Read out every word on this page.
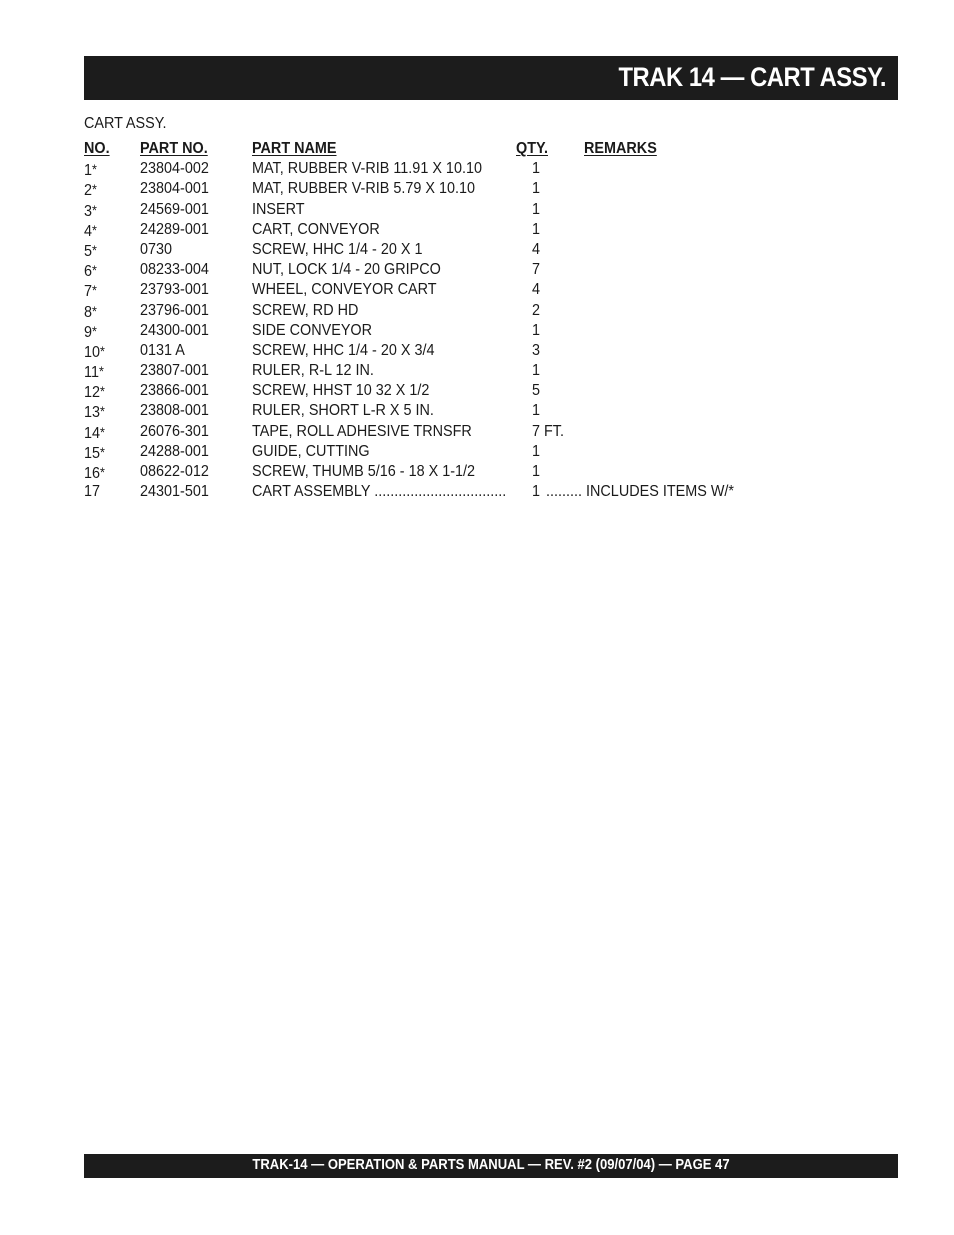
TRAK 14 — CART ASSY.
CART ASSY.
NO. PART NO.	PART NAME	QTY. REMARKS
1*	23804-002	MAT, RUBBER V-RIB 11.91 X 10.10	1
2*	23804-001	MAT, RUBBER V-RIB 5.79 X 10.10	1
3*	24569-001	INSERT	1
4*	24289-001	CART, CONVEYOR	1
5*	0730	SCREW, HHC 1/4 - 20 X 1	4
6*	08233-004	NUT, LOCK 1/4 - 20 GRIPCO	7
7*	23793-001	WHEEL, CONVEYOR CART	4
8*	23796-001	SCREW, RD HD	2
9*	24300-001	SIDE CONVEYOR	1
10* 0131 A	SCREW, HHC 1/4 - 20 X 3/4	3
11* 23807-001	RULER, R-L 12 IN.	1
12* 23866-001	SCREW, HHST 10 32 X 1/2	5
13* 23808-001	RULER, SHORT L-R X 5 IN.	1
14* 26076-301	TAPE, ROLL ADHESIVE TRNSFR	7 FT.
15* 24288-001	GUIDE, CUTTING	1
16* 08622-012	SCREW, THUMB 5/16 - 18 X 1-1/2	1
17 24301-501	CART ASSEMBLY ................................. 1 ......... INCLUDES ITEMS W/*
TRAK-14 — OPERATION & PARTS MANUAL — REV. #2 (09/07/04) — PAGE 47
